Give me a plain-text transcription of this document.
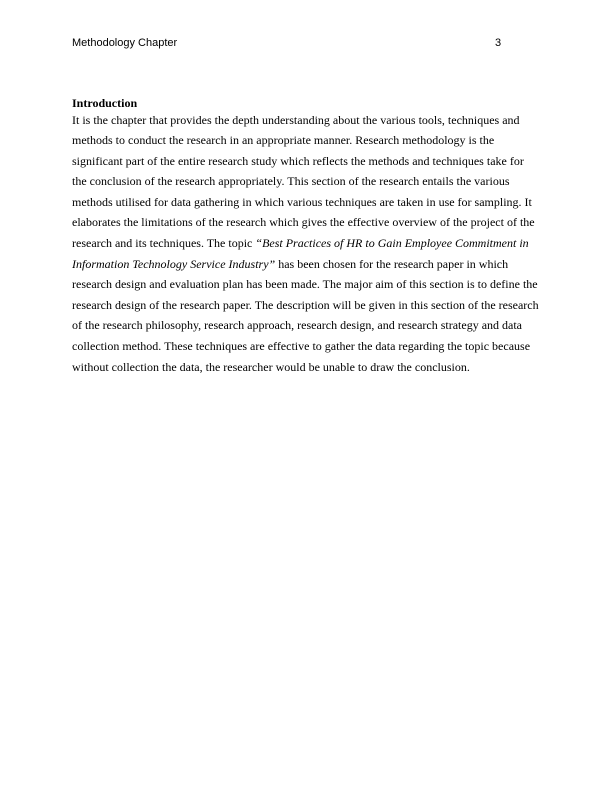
Methodology Chapter	3

Introduction

It is the chapter that provides the depth understanding about the various tools, techniques and
methods to conduct the research in an appropriate manner. Research methodology is the
significant part of the entire research study which reflects the methods and techniques take for
the conclusion of the research appropriately. This section of the research entails the various
methods utilised for data gathering in which various techniques are taken in use for sampling. It
elaborates the limitations of the research which gives the effective overview of the project of the
research and its techniques. The topic “Best Practices of HR to Gain Employee Commitment in
Information Technology Service Industry” has been chosen for the research paper in which
research design and evaluation plan has been made. The major aim of this section is to define the
research design of the research paper. The description will be given in this section of the research
of the research philosophy, research approach, research design, and research strategy and data
collection method. These techniques are effective to gather the data regarding the topic because
without collection the data, the researcher would be unable to draw the conclusion.
